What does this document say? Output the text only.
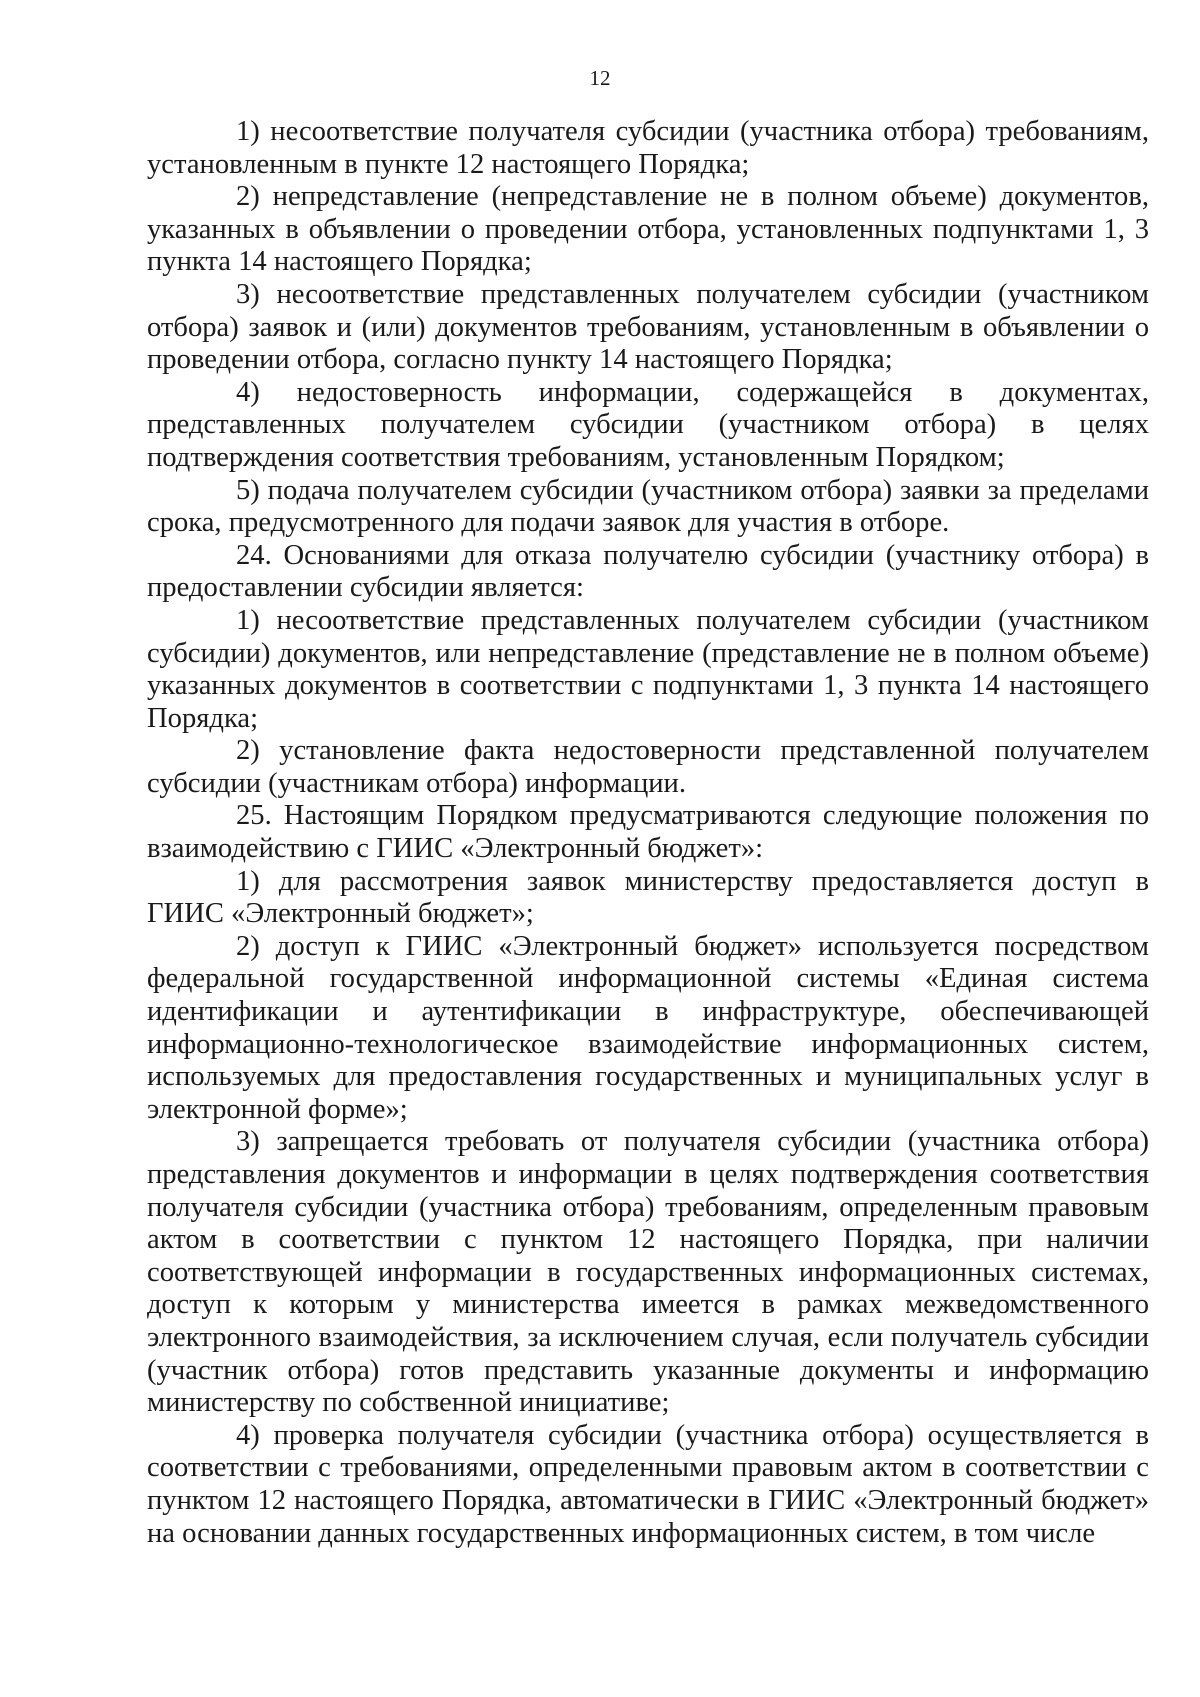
12

1) несоответствие получателя субсидии (участника отбора) требованиям, установленным в пункте 12 настоящего Порядка;

2) непредставление (непредставление не в полном объеме) документов, указанных в объявлении о проведении отбора, установленных подпунктами 1, 3 пункта 14 настоящего Порядка;

3) несоответствие представленных получателем субсидии (участником отбора) заявок и (или) документов требованиям, установленным в объявлении о проведении отбора, согласно пункту 14 настоящего Порядка;

4) недостоверность информации, содержащейся в документах, представленных получателем субсидии (участником отбора) в целях подтверждения соответствия требованиям, установленным Порядком;

5) подача получателем субсидии (участником отбора) заявки за пределами срока, предусмотренного для подачи заявок для участия в отборе.

24. Основаниями для отказа получателю субсидии (участнику отбора) в предоставлении субсидии является:

1) несоответствие представленных получателем субсидии (участником субсидии) документов, или непредставление (представление не в полном объеме) указанных документов в соответствии с подпунктами 1, 3 пункта 14 настоящего Порядка;

2) установление факта недостоверности представленной получателем субсидии (участникам отбора) информации.

25. Настоящим Порядком предусматриваются следующие положения по взаимодействию с ГИИС «Электронный бюджет»:

1) для рассмотрения заявок министерству предоставляется доступ в ГИИС «Электронный бюджет»;

2) доступ к ГИИС «Электронный бюджет» используется посредством федеральной государственной информационной системы «Единая система идентификации и аутентификации в инфраструктуре, обеспечивающей информационно-технологическое взаимодействие информационных систем, используемых для предоставления государственных и муниципальных услуг в электронной форме»;

3) запрещается требовать от получателя субсидии (участника отбора) представления документов и информации в целях подтверждения соответствия получателя субсидии (участника отбора) требованиям, определенным правовым актом в соответствии с пунктом 12 настоящего Порядка, при наличии соответствующей информации в государственных информационных системах, доступ к которым у министерства имеется в рамках межведомственного электронного взаимодействия, за исключением случая, если получатель субсидии (участник отбора) готов представить указанные документы и информацию министерству по собственной инициативе;

4) проверка получателя субсидии (участника отбора) осуществляется в соответствии с требованиями, определенными правовым актом в соответствии с пунктом 12 настоящего Порядка, автоматически в ГИИС «Электронный бюджет» на основании данных государственных информационных систем, в том числе
